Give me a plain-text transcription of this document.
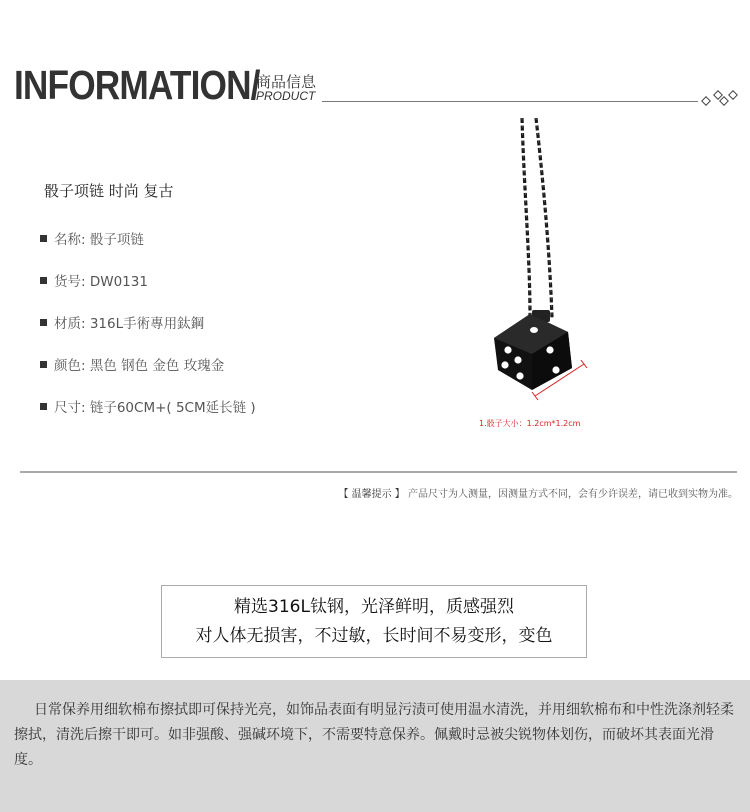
INFORMATION/
商品信息
PRODUCT
骰子项链 时尚 复古
名称: 骰子项链
货号: DW0131
材质: 316L手術專用鈦鋼
颜色: 黑色 钢色 金色 玫瑰金
尺寸: 链子60CM+( 5CM延长链 )
1.骰子大小：1.2cm*1.2cm
【 温馨提示 】 产品尺寸为人测量，因测量方式不同，会有少许误差，请已收到实物为准。
精选316L钛钢，光泽鲜明，质感强烈
对人体无损害，不过敏，长时间不易变形，变色
日常保养用细软棉布擦拭即可保持光亮，如饰品表面有明显污渍可使用温水清洗，并用细软棉布和中性洗涤剂轻柔擦拭，清洗后擦干即可。如非强酸、强碱环境下，不需要特意保养。佩戴时忌被尖锐物体划伤，而破坏其表面光滑度。
